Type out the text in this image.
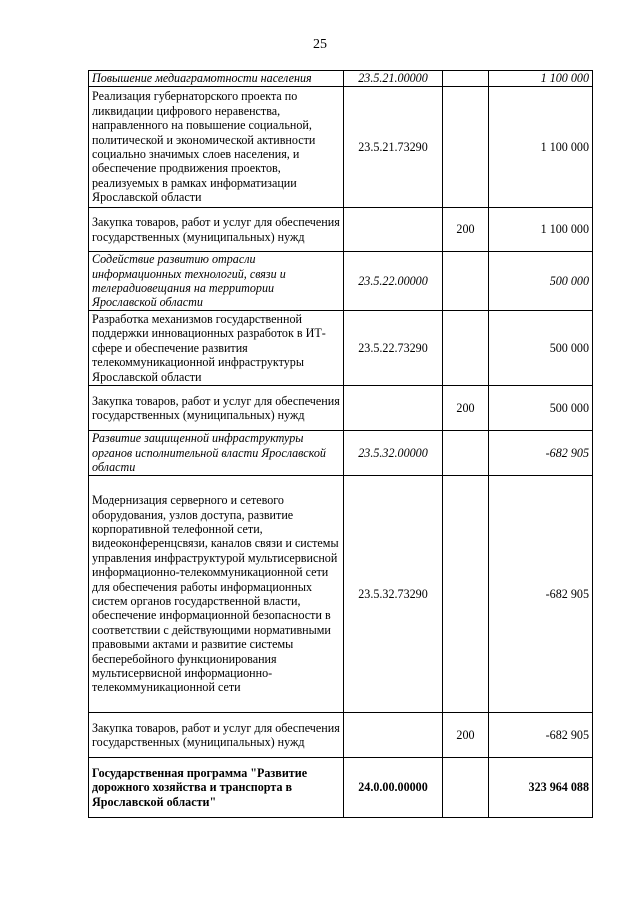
25
Повышение медиаграмотности населения	23.5.21.00000		1 100 000
Реализация губернаторского проекта по ликвидации цифрового неравенства, направленного на повышение социальной, политической и экономической активности социально значимых слоев населения, и обеспечение продвижения проектов, реализуемых в рамках информатизации Ярославской области	23.5.21.73290		1 100 000
Закупка товаров, работ и услуг для обеспечения государственных (муниципальных) нужд		200	1 100 000
Содействие развитию отрасли информационных технологий, связи и телерадиовещания на территории Ярославской области	23.5.22.00000		500 000
Разработка механизмов государственной поддержки инновационных разработок в ИТ-сфере и обеспечение развития телекоммуникационной инфраструктуры Ярославской области	23.5.22.73290		500 000
Закупка товаров, работ и услуг для обеспечения государственных (муниципальных) нужд		200	500 000
Развитие защищенной инфраструктуры органов исполнительной власти Ярославской области	23.5.32.00000		-682 905
Модернизация серверного и сетевого оборудования, узлов доступа, развитие корпоративной телефонной сети, видеоконференцсвязи, каналов связи и системы управления инфраструктурой мультисервисной информационно-телекоммуникационной сети для обеспечения работы информационных систем органов государственной власти, обеспечение информационной безопасности в соответствии с действующими нормативными правовыми актами и развитие системы бесперебойного функционирования мультисервисной информационно-телекоммуникационной сети	23.5.32.73290		-682 905
Закупка товаров, работ и услуг для обеспечения государственных (муниципальных) нужд		200	-682 905
Государственная программа "Развитие дорожного хозяйства и транспорта в Ярославской области"	24.0.00.00000		323 964 088
